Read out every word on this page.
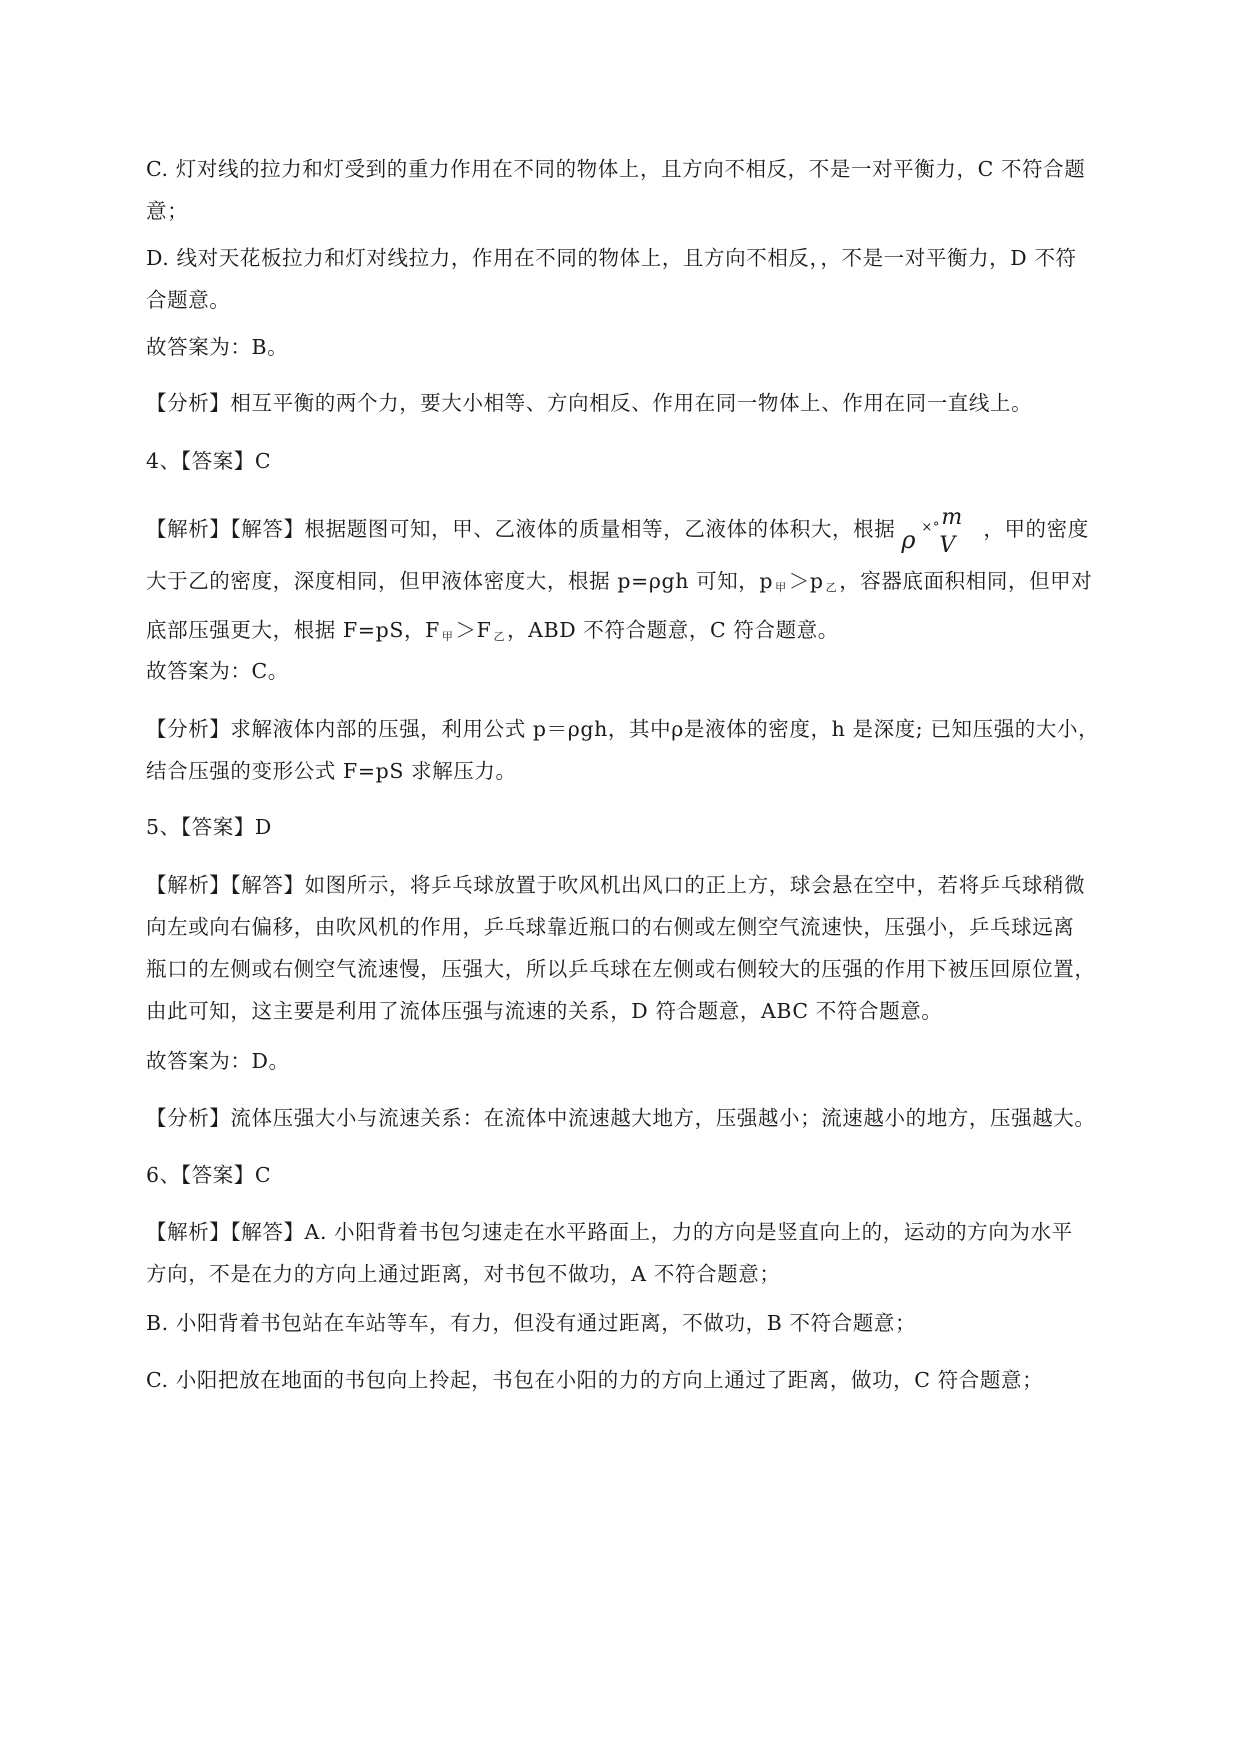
C. 灯对线的拉力和灯受到的重力作用在不同的物体上，且方向不相反，不是一对平衡力，C 不符合题
意；
D. 线对天花板拉力和灯对线拉力，作用在不同的物体上，且方向不相反，，不是一对平衡力，D 不符
合题意。
故答案为：B。
【分析】相互平衡的两个力，要大小相等、方向相反、作用在同一物体上、作用在同一直线上。
4、【答案】C
【解析】【解答】根据题图可知，甲、乙液体的质量相等，乙液体的体积大，根据 ρ ×° m
V
，甲的密度
大于乙的密度，深度相同，但甲液体密度大，根据 p=ρgh 可知，p $_甲$＞p $_乙$，容器底面积相同，但甲对
底部压强更大，根据 F=pS，F $_甲$＞F $_乙$，ABD 不符合题意，C 符合题意。
故答案为：C。
【分析】求解液体内部的压强，利用公式 p＝ρgh，其中ρ是液体的密度，h 是深度; 已知压强的大小，
结合压强的变形公式 F=pS 求解压力。
5、【答案】D
【解析】【解答】如图所示，将乒乓球放置于吹风机出风口的正上方，球会悬在空中，若将乒乓球稍微
向左或向右偏移，由吹风机的作用，乒乓球靠近瓶口的右侧或左侧空气流速快，压强小，乒乓球远离
瓶口的左侧或右侧空气流速慢，压强大，所以乒乓球在左侧或右侧较大的压强的作用下被压回原位置，
由此可知，这主要是利用了流体压强与流速的关系，D 符合题意，ABC 不符合题意。
故答案为：D。
【分析】流体压强大小与流速关系：在流体中流速越大地方，压强越小；流速越小的地方，压强越大。
6、【答案】C
【解析】【解答】A. 小阳背着书包匀速走在水平路面上，力的方向是竖直向上的，运动的方向为水平
方向，不是在力的方向上通过距离，对书包不做功，A 不符合题意；
B. 小阳背着书包站在车站等车，有力，但没有通过距离，不做功，B 不符合题意；
C. 小阳把放在地面的书包向上拎起，书包在小阳的力的方向上通过了距离，做功，C 符合题意；
